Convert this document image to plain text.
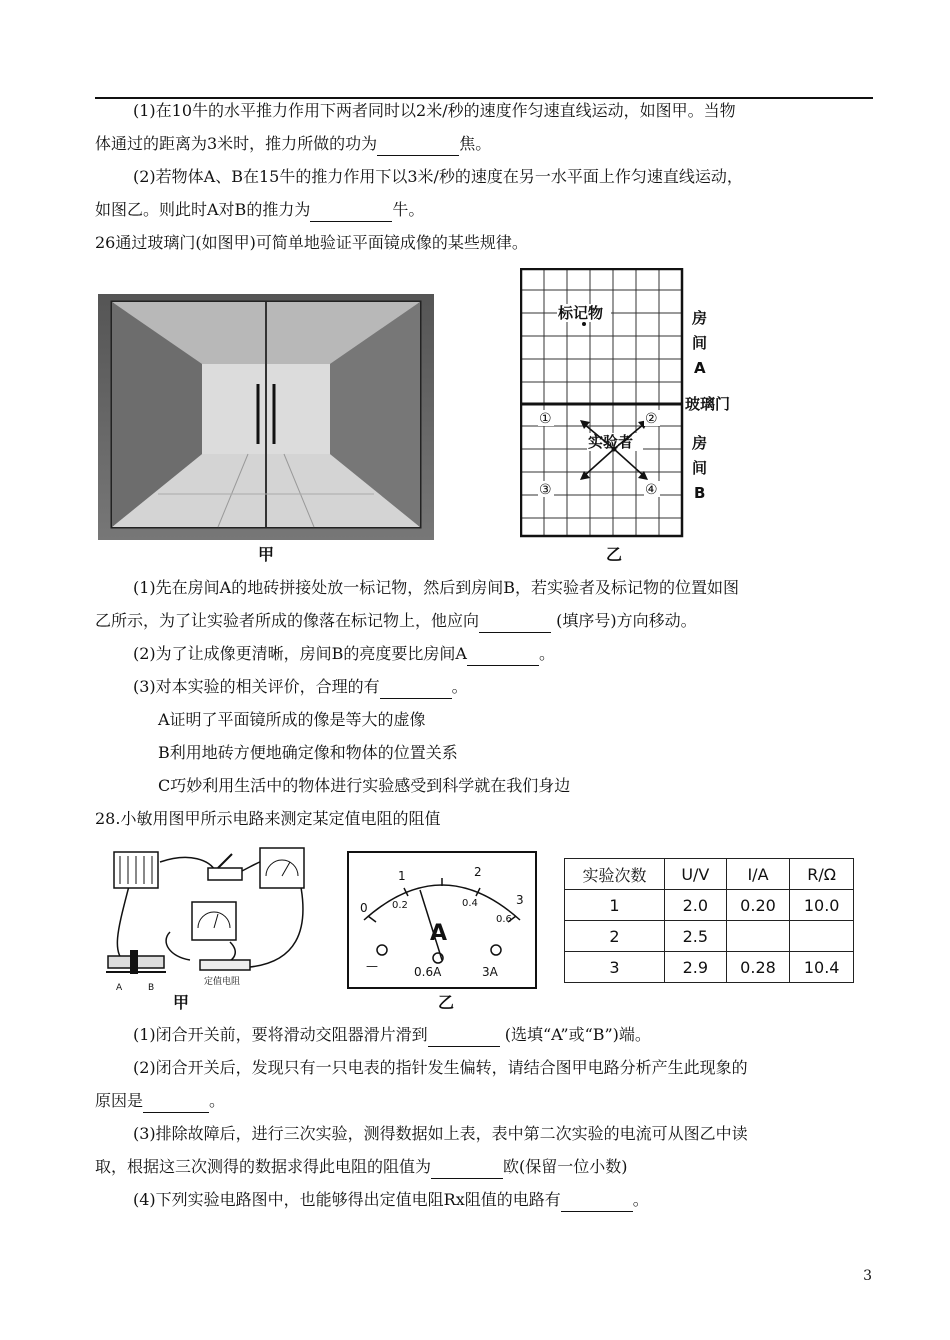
(1)在10牛的水平推力作用下两者同时以2米/秒的速度作匀速直线运动，如图甲。当物
体通过的距离为3米时，推力所做的功为	焦。
(2)若物体A、B在15牛的推力作用下以3米/秒的速度在另一水平面上作匀速直线运动，
如图乙。则此时A对B的推力为	牛。
26通过玻璃门(如图甲)可简单地验证平面镜成像的某些规律。
甲
标记物
实验者
房
间
A
玻璃门
房
间
B
①	②
③	④
乙
(1)先在房间A的地砖拼接处放一标记物，然后到房间B，若实验者及标记物的位置如图
乙所示，为了让实验者所成的像落在标记物上，他应向	(填序号)方向移动。
(2)为了让成像更清晰，房间B的亮度要比房间A	。
(3)对本实验的相关评价，合理的有	。
A证明了平面镜所成的像是等大的虚像
B利用地砖方便地确定像和物体的位置关系
C巧妙利用生活中的物体进行实验感受到科学就在我们身边
28.小敏用图甲所示电路来测定某定值电阻的阻值
A	B
定值电阻
甲
1	2
3
0 0.2	0.4
0.6
A
—	0.6A	3A
乙
实验次数	U/V	I/A	R/Ω
1	2.0	0.20	10.0
2	2.5		
3	2.9	0.28	10.4
(1)闭合开关前，要将滑动交阻器滑片滑到	(选填“A”或“B”)端。
(2)闭合开关后，发现只有一只电表的指针发生偏转，请结合图甲电路分析产生此现象的
原因是	。
(3)排除故障后，进行三次实验，测得数据如上表，表中第二次实验的电流可从图乙中读
取，根据这三次测得的数据求得此电阻的阻值为	欧(保留一位小数)
(4)下列实验电路图中，也能够得出定值电阻Rx阻值的电路有	。
3
